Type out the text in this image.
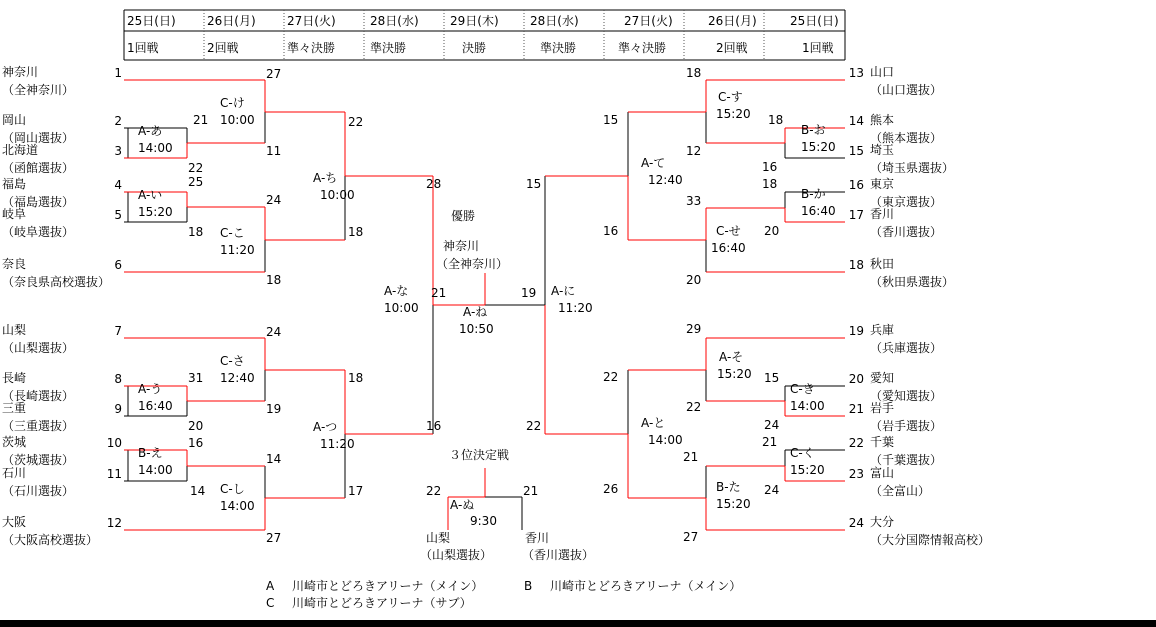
25日(日)	26日(月)	27日(火)	28日(水)	29日(木)	28日(水)	27日(火)	26日(月)	25日(日)
1回戦	2回戦	準々決勝	準決勝	決勝	準決勝	準々決勝	2回戦	1回戦
1
2
3
4
5
6
7
8
9
10
11
12
神奈川
（全神奈川）
岡山
（岡山選抜）
北海道
（函館選抜）
福島
（福島選抜）
岐阜
（岐阜選抜）
奈良
（奈良県高校選抜）
山梨
（山梨選抜）
長崎
（長崎選抜）
三重
（三重選抜）
茨城
（茨城選抜）
石川
（石川選抜）
大阪
（大阪高校選抜）
13
14
15
16
17
18
19
20
21
22
23
24
山口
（山口選抜）
熊本
（熊本選抜）
埼玉
（埼玉県選抜）
東京
（東京選抜）
香川
（香川選抜）
秋田
（秋田県選抜）
兵庫
（兵庫選抜）
愛知
（愛知選抜）
岩手
（岩手選抜）
千葉
（千葉選抜）
富山
（全富山）
大分
（大分国際情報高校）
A-あ
14:00
A-い
15:20
A-う
16:40
B-え
14:00
C-け
10:00
C-こ
11:20
C-さ
12:40
C-し
14:00
A-ち
10:00
A-つ
11:20
A-な
10:00	A-ね
10:50
A-に
11:20
A-て
12:40
A-と
14:00
C-す
15:20
C-せ
16:40
A-そ
15:20
B-た
15:20
B-お
15:20
B-か
16:40
C-き
14:00
C-く
15:20
A-ぬ
9:30
21
22
25
18
27
11
24
18
22
18
28
16
24
19
31
20
16
14
14
27
18
17
21	19
22	21
18
12
18
16
18
20
33
20
15
16
15
22
29
22
15
24
21
24
22
26
21
27
優勝
神奈川
（全神奈川）
３位決定戦
山梨
（山梨選抜）
香川
（香川選抜）
A 川崎市とどろきアリーナ（メイン）	B 川崎市とどろきアリーナ（メイン）
C 川崎市とどろきアリーナ（サブ）
